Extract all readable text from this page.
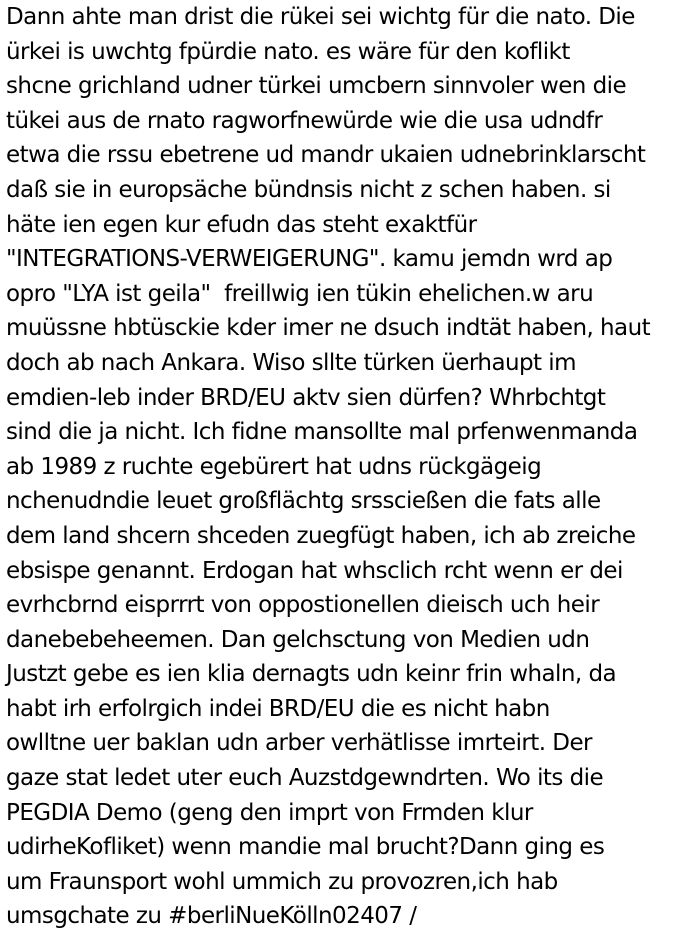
Dann ahte man drist die rükei sei wichtg für die nato. Die
ürkei is uwchtg fpürdie nato. es wäre für den koflikt
shcne grichland udner türkei umcbern sinnvoler wen die
tükei aus de rnato ragworfnewürde wie die usa udndfr
etwa die rssu ebetrene ud mandr ukaien udnebrinklarscht
daß sie in europsäche bündnsis nicht z schen haben. si
häte ien egen kur efudn das steht exaktfür
"INTEGRATIONS-VERWEIGERUNG". kamu jemdn wrd ap
opro "LYA ist geila"  freillwig ien tükin ehelichen.w aru
muüssne hbtüsckie kder imer ne dsuch indtät haben, haut
doch ab nach Ankara. Wiso sllte türken üerhaupt im
emdien-leb inder BRD/EU aktv sien dürfen? Whrbchtgt
sind die ja nicht. Ich fidne mansollte mal prfenwenmanda
ab 1989 z ruchte egebürert hat udns rückgägeig
nchenudndie leuet großflächtg srsscießen die fats alle
dem land shcern shceden zuegfügt haben, ich ab zreiche
ebsispe genannt. Erdogan hat whsclich rcht wenn er dei
evrhcbrnd eisprrrt von oppostionellen dieisch uch heir
danebebeheemen. Dan gelchsctung von Medien udn
Justzt gebe es ien klia dernagts udn keinr frin whaln, da
habt irh erfolrgich indei BRD/EU die es nicht habn
owlltne uer baklan udn arber verhätlisse imrteirt. Der
gaze stat ledet uter euch Auzstdgewndrten. Wo its die
PEGDIA Demo (geng den imprt von Frmden klur
udirheKofliket) wenn mandie mal brucht?Dann ging es
um Fraunsport wohl ummich zu provozren,ich hab
umsgchate zu #berliNueKölln02407 /
